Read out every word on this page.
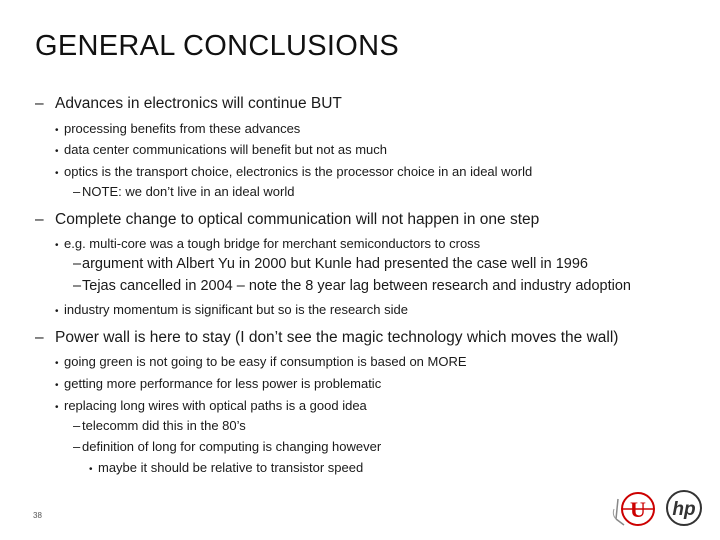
GENERAL CONCLUSIONS
– Advances in electronics will continue BUT
• processing benefits from these advances
• data center communications will benefit but not as much
• optics is the transport choice, electronics is the processor choice in an ideal world
– NOTE: we don’t live in an ideal world
– Complete change to optical communication will not happen in one step
• e.g. multi-core was a tough bridge for merchant semiconductors to cross
–argument with Albert Yu in 2000 but Kunle had presented the case well in 1996
–Tejas cancelled in 2004 – note the 8 year lag between research and industry adoption
• industry momentum is significant but so is the research side
– Power wall is here to stay (I don’t see the magic technology which moves the wall)
• going green is not going to be easy if consumption is based on MORE
• getting more performance for less power is problematic
• replacing long wires with optical paths is a good idea
– telecomm did this in the 80’s
– definition of long for computing is changing however
• maybe it should be relative to transistor speed
38	U hp
